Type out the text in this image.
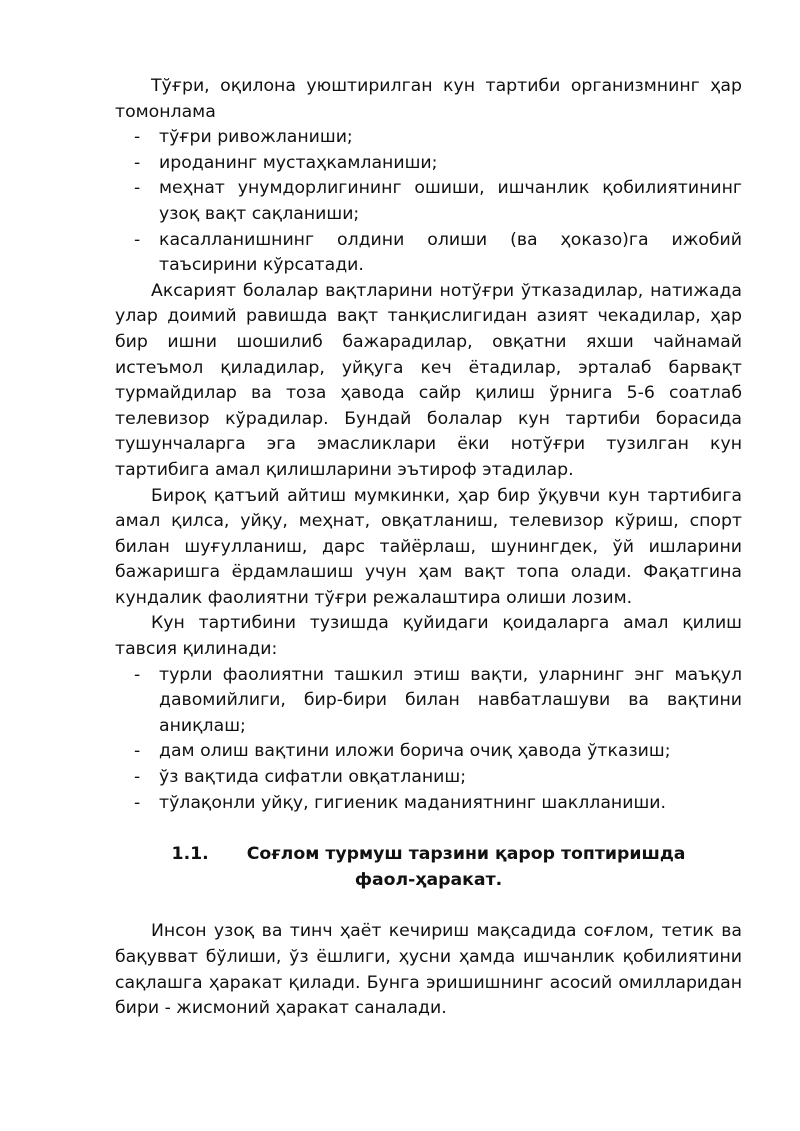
Тўғри, оқилона уюштирилган кун тартиби организмнинг ҳар томонлама

- тўғри ривожланиши;
- ироданинг мустаҳкамланиши;
- меҳнат унумдорлигининг ошиши, ишчанлик қобилиятининг узоқ вақт сақланиши;
- касалланишнинг олдини олиши (ва ҳоказо)га ижобий таъсирини кўрсатади.

Аксарият болалар вақтларини нотўғри ўтказадилар, натижада улар доимий равишда вақт танқислигидан азият чекадилар, ҳар бир ишни шошилиб бажарадилар, овқатни яхши чайнамай истеъмол қиладилар, уйқуга кеч ётадилар, эрталаб барвақт турмайдилар ва тоза ҳавода сайр қилиш ўрнига 5-6 соатлаб телевизор кўрадилар. Бундай болалар кун тартиби борасида тушунчаларга эга эмасликлари ёки нотўғри тузилган кун тартибига амал қилишларини эътироф этадилар.

Бироқ қатъий айтиш мумкинки, ҳар бир ўқувчи кун тартибига амал қилса, уйқу, меҳнат, овқатланиш, телевизор кўриш, спорт билан шуғулланиш, дарс тайёрлаш, шунингдек, ўй ишларини бажаришга ёрдамлашиш учун ҳам вақт топа олади. Фақатгина кундалик фаолиятни тўғри режалаштира олиши лозим.

Кун тартибини тузишда қуйидаги қоидаларга амал қилиш тавсия қилинади:

- турли фаолиятни ташкил этиш вақти, уларнинг энг маъқул давомийлиги, бир-бири билан навбатлашуви ва вақтини аниқлаш;
- дам олиш вақтини иложи борича очиқ ҳавода ўтказиш;
- ўз вақтида сифатли овқатланиш;
- тўлақонли уйқу, гигиеник маданиятнинг шаклланиши.
1.1. Соғлом турмуш тарзини қарор топтиришда фаол-ҳаракат.

Инсон узоқ ва тинч ҳаёт кечириш мақсадида соғлом, тетик ва бақувват бўлиши, ўз ёшлиги, ҳусни ҳамда ишчанлик қобилиятини сақлашга ҳаракат қилади. Бунга эришишнинг асосий омилларидан бири - жисмоний ҳаракат саналади.
